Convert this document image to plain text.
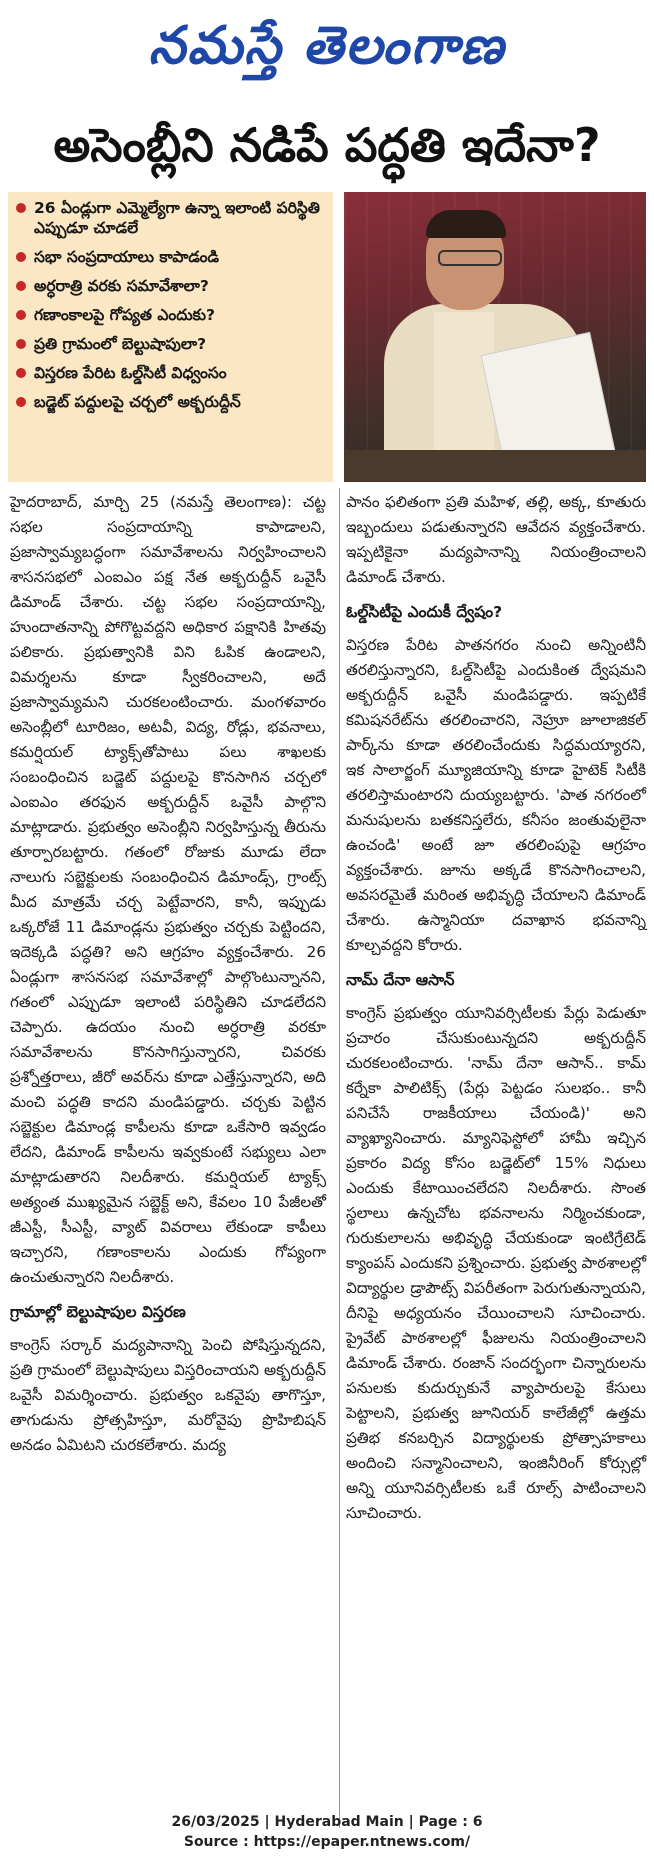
నమస్తే తెలంగాణ
అసెంబ్లీని నడిపే పద్ధతి ఇదేనా?
26 ఏండ్లుగా ఎమ్మెల్యేగా ఉన్నా ఇలాంటి పరిస్థితి ఎప్పుడూ చూడలే
సభా సంప్రదాయాలు కాపాడండి
అర్ధరాత్రి వరకు సమావేశాలా?
గణాంకాలపై గోప్యత ఎందుకు?
ప్రతి గ్రామంలో బెల్టుషాపులా?
విస్తరణ పేరిట ఓల్డ్‌సిటీ విధ్వంసం
బడ్జెట్ పద్దులపై చర్చలో అక్బరుద్దీన్

హైదరాబాద్, మార్చి 25 (నమస్తే తెలంగాణ): చట్ట సభల సంప్రదాయాన్ని కాపాడాలని, ప్రజాస్వామ్యబద్ధంగా సమావేశాలను నిర్వహించాలని శాసనసభలో ఎంఐఎం పక్ష నేత అక్బరుద్దీన్ ఒవైసీ డిమాండ్ చేశారు. చట్ట సభల సంప్రదాయాన్ని, హుందాతనాన్ని పోగొట్టవద్దని అధికార పక్షానికి హితవు పలికారు. ప్రభుత్వానికి విని ఓపిక ఉండాలని, విమర్శలను కూడా స్వీకరించాలని, అదే ప్రజాస్వామ్యమని చురకలంటించారు. మంగళవారం అసెంబ్లీలో టూరిజం, అటవీ, విద్య, రోడ్లు, భవనాలు, కమర్షియల్ ట్యాక్స్‌తోపాటు పలు శాఖలకు సంబంధించిన బడ్జెట్ పద్దులపై కొనసాగిన చర్చలో ఎంఐఎం తరఫున అక్బరుద్దీన్ ఒవైసీ పాల్గొని మాట్లాడారు. ప్రభుత్వం అసెంబ్లీని నిర్వహిస్తున్న తీరును తూర్పారబట్టారు. గతంలో రోజుకు మూడు లేదా నాలుగు సబ్జెక్టులకు సంబంధించిన డిమాండ్స్, గ్రాంట్స్ మీద మాత్రమే చర్చ పెట్టేవారని, కానీ, ఇప్పుడు ఒక్కరోజే 11 డిమాండ్లను ప్రభుత్వం చర్చకు పెట్టిందని, ఇదెక్కడి పద్ధతి? అని ఆగ్రహం వ్యక్తంచేశారు. 26 ఏండ్లుగా శాసనసభ సమావేశాల్లో పాల్గొంటున్నానని, గతంలో ఎప్పుడూ ఇలాంటి పరిస్థితిని చూడలేదని చెప్పారు. ఉదయం నుంచి అర్ధరాత్రి వరకూ సమావేశాలను కొనసాగిస్తున్నారని, చివరకు ప్రశ్నోత్తరాలు, జీరో అవర్‌ను కూడా ఎత్తేస్తున్నారని, అది మంచి పద్ధతి కాదని మండిపడ్డారు. చర్చకు పెట్టిన సబ్జెక్టుల డిమాండ్ల కాపీలను కూడా ఒకేసారి ఇవ్వడం లేదని, డిమాండ్ కాపీలను ఇవ్వకుంటే సభ్యులు ఎలా మాట్లాడుతారని నిలదీశారు. కమర్షియల్ ట్యాక్స్ అత్యంత ముఖ్యమైన సబ్జెక్ట్ అని, కేవలం 10 పేజీలతో జీఎస్టీ, సీఎస్టీ, వ్యాట్ వివరాలు లేకుండా కాపీలు ఇచ్చారని, గణాంకాలను ఎందుకు గోప్యంగా ఉంచుతున్నారని నిలదీశారు.

గ్రామాల్లో బెల్టుషాపుల విస్తరణ

కాంగ్రెస్ సర్కార్ మద్యపానాన్ని పెంచి పోషిస్తున్నదని, ప్రతి గ్రామంలో బెల్టుషాపులు విస్తరించాయని అక్బరుద్దీన్ ఒవైసీ విమర్శించారు. ప్రభుత్వం ఒకవైపు తాగొస్తూ, తాగుడును ప్రోత్సహిస్తూ, మరోవైపు ప్రొహిబిషన్ అనడం ఏమిటని చురకలేశారు. మద్య

పానం ఫలితంగా ప్రతి మహిళ, తల్లి, అక్క, కూతురు ఇబ్బందులు పడుతున్నారని ఆవేదన వ్యక్తంచేశారు. ఇప్పటికైనా మద్యపానాన్ని నియంత్రించాలని డిమాండ్ చేశారు.

ఓల్డ్‌సిటీపై ఎందుకీ ద్వేషం?

విస్తరణ పేరిట పాతనగరం నుంచి అన్నింటినీ తరలిస్తున్నారని, ఓల్డ్‌సిటీపై ఎందుకింత ద్వేషమని అక్బరుద్దీన్ ఒవైసీ మండిపడ్డారు. ఇప్పటికే కమిషనరేట్‌ను తరలించారని, నెహ్రూ జూలాజికల్ పార్క్‌ను కూడా తరలించేందుకు సిద్ధమయ్యారని, ఇక సాలార్జంగ్ మ్యూజియాన్ని కూడా హైటెక్ సిటీకి తరలిస్తామంటారని దుయ్యబట్టారు. 'పాత నగరంలో మనుషులను బతకనిస్తలేరు, కనీసం జంతువులైనా ఉంచండి' అంటే జూ తరలింపుపై ఆగ్రహం వ్యక్తంచేశారు. జూను అక్కడే కొనసాగించాలని, అవసరమైతే మరింత అభివృద్ధి చేయాలని డిమాండ్ చేశారు. ఉస్మానియా దవాఖాన భవనాన్ని కూల్చవద్దని కోరారు.

నామ్ దేనా ఆసాన్

కాంగ్రెస్ ప్రభుత్వం యూనివర్సిటీలకు పేర్లు పెడుతూ ప్రచారం చేసుకుంటున్నదని అక్బరుద్దీన్ చురకలంటించారు. 'నామ్ దేనా ఆసాన్.. కామ్ కర్నేకా పాలిటిక్స్ (పేర్లు పెట్టడం సులభం.. కానీ పనిచేసే రాజకీయాలు చేయండి)' అని వ్యాఖ్యానించారు. మ్యానిఫెస్టోలో హామీ ఇచ్చిన ప్రకారం విద్య కోసం బడ్జెట్‌లో 15% నిధులు ఎందుకు కేటాయించలేదని నిలదీశారు. సొంత స్థలాలు ఉన్నచోట భవనాలను నిర్మించకుండా, గురుకులాలను అభివృద్ధి చేయకుండా ఇంటిగ్రేటెడ్ క్యాంపస్ ఎందుకని ప్రశ్నించారు. ప్రభుత్వ పాఠశాలల్లో విద్యార్థుల డ్రాపౌట్స్ విపరీతంగా పెరుగుతున్నాయని, దీనిపై అధ్యయనం చేయించాలని సూచించారు. ప్రైవేట్ పాఠశాలల్లో ఫీజులను నియంత్రించాలని డిమాండ్ చేశారు. రంజాన్ సందర్భంగా చిన్నారులను పనులకు కుదుర్చుకునే వ్యాపారులపై కేసులు పెట్టాలని, ప్రభుత్వ జూనియర్ కాలేజీల్లో ఉత్తమ ప్రతిభ కనబర్చిన విద్యార్థులకు ప్రోత్సాహకాలు అందించి సన్మానించాలని, ఇంజినీరింగ్ కోర్సుల్లో అన్ని యూనివర్సిటీలకు ఒకే రూల్స్ పాటించాలని సూచించారు.

26/03/2025 | Hyderabad Main | Page : 6
Source : https://epaper.ntnews.com/
